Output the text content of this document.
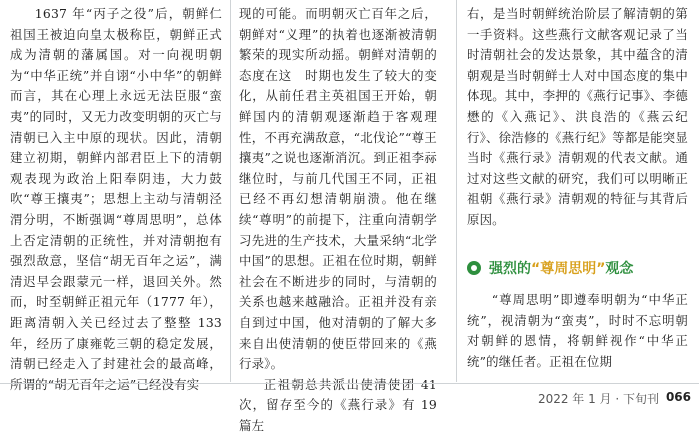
1637 年“丙子之役”后，朝鲜仁祖国王被迫向皇太极称臣，朝鲜正式成为清朝的藩属国。对一向视明朝为“中华正统”并自诩“小中华”的朝鲜而言，其在心理上永远无法臣服“蛮夷”的同时，又无力改变明朝的灭亡与清朝已入主中原的现状。因此，清朝建立初期，朝鲜内部君臣上下的清朝观表现为政治上阳奉阴违，大力鼓吹“尊王攘夷”；思想上主动与清朝泾渭分明，不断强调“尊周思明”，总体上否定清朝的正统性，并对清朝抱有强烈敌意，坚信“胡无百年之运”，满清迟早会跟蒙元一样，退回关外。然而，时至朝鲜正祖元年（1777 年），距离清朝入关已经过去了整整 133 年，经历了康雍乾三朝的稳定发展，清朝已经走入了封建社会的最高峰，所谓的“胡无百年之运”已经没有实

现的可能。而明朝灭亡百年之后，朝鲜对“义理”的执着也逐渐被清朝繁荣的现实所动摇。朝鲜对清朝的态度在这　时期也发生了较大的变化，从前任君主英祖国王开始，朝鲜国内的清朝观逐渐趋于客观理性，不再充满敌意，“北伐论”“尊王攘夷”之说也逐渐消沉。到正祖李祘继位时，与前几代国王不同，正祖已经不再幻想清朝崩溃。他在继续“尊明”的前提下，注重向清朝学习先进的生产技术，大量采纳“北学中国”的思想。正祖在位时期，朝鲜社会在不断进步的同时，与清朝的关系也越来越融洽。正祖并没有亲自到过中国，他对清朝的了解大多来自出使清朝的使臣带回来的《燕行录》。

正祖朝总共派出使清使团 41 次，留存至今的《燕行录》有 19 篇左

右，是当时朝鲜统治阶层了解清朝的第一手资料。这些燕行文献客观记录了当时清朝社会的发达景象，其中蕴含的清朝观是当时朝鲜士人对中国态度的集中体现。其中，李押的《燕行记事》、李德懋的《入燕记》、洪良浩的《燕云纪行》、徐浩修的《燕行纪》等都是能突显当时《燕行录》清朝观的代表文献。通过对这些文献的研究，我们可以明晰正祖朝《燕行录》清朝观的特征与其背后原因。

强烈的 “尊周思明” 观念

“尊周思明”即遵奉明朝为“中华正统”，视清朝为“蛮夷”，时时不忘明朝对朝鲜的恩情，将朝鲜视作“中华正统”的继任者。正祖在位期

2022 年 1 月 · 下旬刊 066
